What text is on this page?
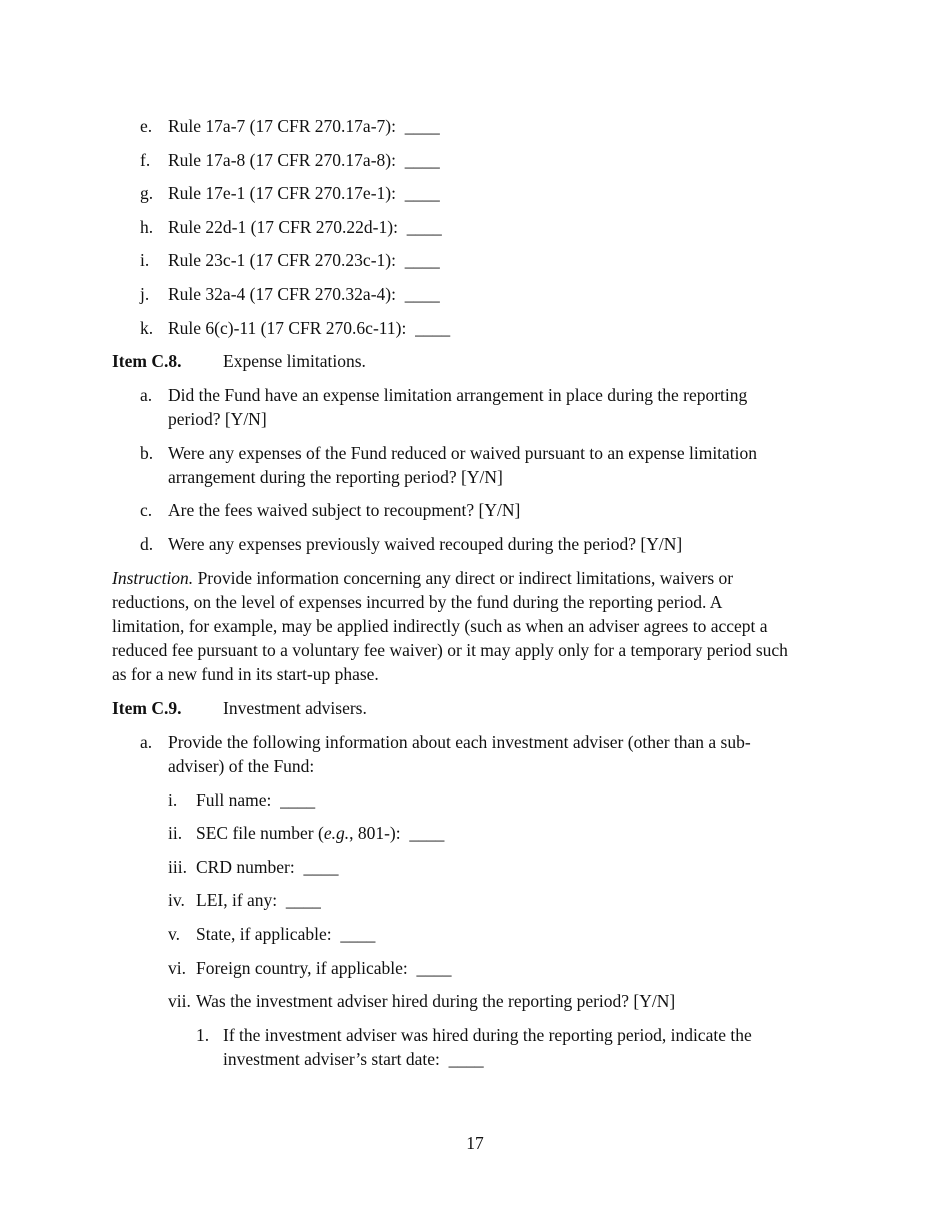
e. Rule 17a-7 (17 CFR 270.17a-7): ____
f. Rule 17a-8 (17 CFR 270.17a-8): ____
g. Rule 17e-1 (17 CFR 270.17e-1): ____
h. Rule 22d-1 (17 CFR 270.22d-1): ____
i. Rule 23c-1 (17 CFR 270.23c-1): ____
j. Rule 32a-4 (17 CFR 270.32a-4): ____
k. Rule 6(c)-11 (17 CFR 270.6c-11): ____
Item C.8. Expense limitations.
a. Did the Fund have an expense limitation arrangement in place during the reporting
period? [Y/N]
b. Were any expenses of the Fund reduced or waived pursuant to an expense limitation
arrangement during the reporting period? [Y/N]
c. Are the fees waived subject to recoupment? [Y/N]
d. Were any expenses previously waived recouped during the period? [Y/N]
Instruction. Provide information concerning any direct or indirect limitations, waivers or
reductions, on the level of expenses incurred by the fund during the reporting period. A
limitation, for example, may be applied indirectly (such as when an adviser agrees to accept a
reduced fee pursuant to a voluntary fee waiver) or it may apply only for a temporary period such
as for a new fund in its start-up phase.
Item C.9. Investment advisers.
a. Provide the following information about each investment adviser (other than a sub-
adviser) of the Fund:
i. Full name: ____
ii. SEC file number (e.g., 801-): ____
iii. CRD number: ____
iv. LEI, if any: ____
v. State, if applicable: ____
vi. Foreign country, if applicable: ____
vii. Was the investment adviser hired during the reporting period? [Y/N]
1. If the investment adviser was hired during the reporting period, indicate the
investment adviser’s start date: ____
17
